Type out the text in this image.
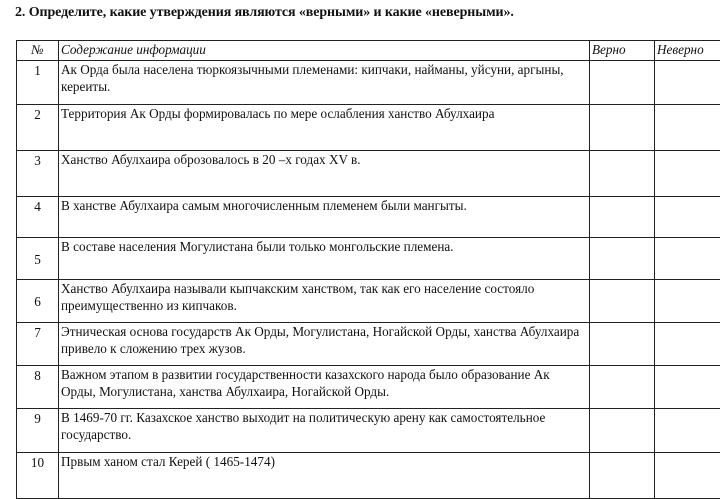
2. Определите, какие утверждения являются «верными» и какие «неверными».
№	Содержание информации	Верно	Неверно
1	Ак Орда была населена тюркоязычными племенами: кипчаки, найманы, уйсуни, аргыны, кереиты.		
2	Территория Ак Орды формировалась по мере ослабления ханство Абулхаира		
3	Ханство Абулхаира оброзовалось в 20 –х годах XV в.		
4	В ханстве Абулхаира самым многочисленным племенем были мангыты.		
5	В составе населения Могулистана были только монгольские племена.		
6	Ханство Абулхаира называли кыпчакским ханством, так как его население состояло преимущественно из кипчаков.		
7	Этническая основа государств Ак Орды, Могулистана, Ногайской Орды, ханства Абулхаира привело к сложению трех жузов.		
8	Важном этапом в развитии государственности казахского народа было образование Ак Орды, Могулистана, ханства Абулхаира, Ногайской Орды.		
9	В 1469-70 гг. Казахское ханство выходит на политическую арену как самостоятельное государство.		
10	Првым ханом стал Керей ( 1465-1474)		
